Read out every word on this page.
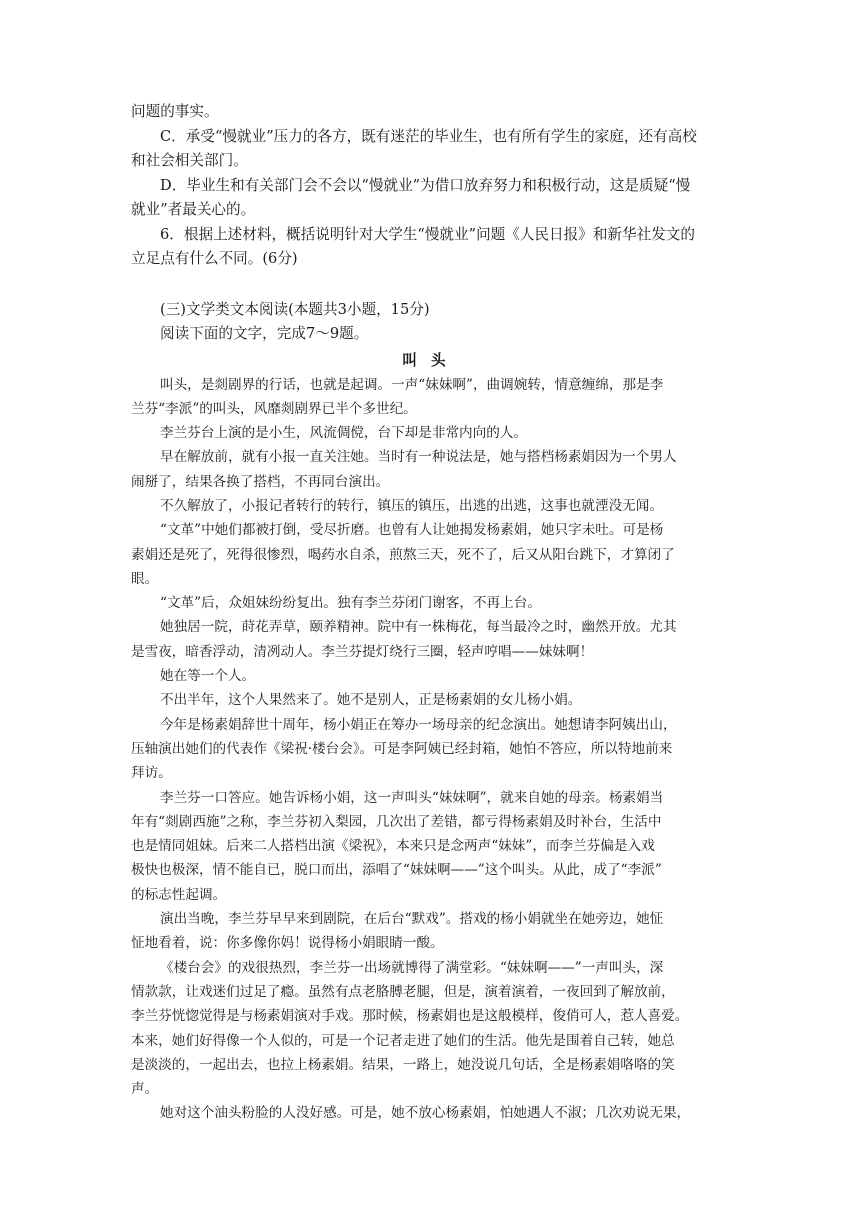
问题的事实。

C．承受“慢就业”压力的各方，既有迷茫的毕业生，也有所有学生的家庭，还有高校

和社会相关部门。

D．毕业生和有关部门会不会以“慢就业”为借口放弃努力和积极行动，这是质疑“慢

就业”者最关心的。

6．根据上述材料，概括说明针对大学生“慢就业”问题《人民日报》和新华社发文的

立足点有什么不同。(6分)

(三)文学类文本阅读(本题共3小题，15分)

阅读下面的文字，完成7～9题。

叫头

叫头，是剡剧界的行话，也就是起调。一声“妹妹啊”，曲调婉转，情意缠绵，那是李

兰芬“李派”的叫头，风靡剡剧界已半个多世纪。

李兰芬台上演的是小生，风流倜傥，台下却是非常内向的人。

早在解放前，就有小报一直关注她。当时有一种说法是，她与搭档杨素娟因为一个男人

闹掰了，结果各换了搭档，不再同台演出。

不久解放了，小报记者转行的转行，镇压的镇压，出逃的出逃，这事也就湮没无闻。

“文革”中她们都被打倒，受尽折磨。也曾有人让她揭发杨素娟，她只字未吐。可是杨

素娟还是死了，死得很惨烈，喝药水自杀，煎熬三天，死不了，后又从阳台跳下，才算闭了

眼。

“文革”后，众姐妹纷纷复出。独有李兰芬闭门谢客，不再上台。

她独居一院，莳花弄草，颐养精神。院中有一株梅花，每当最冷之时，幽然开放。尤其

是雪夜，暗香浮动，清冽动人。李兰芬提灯绕行三圈，轻声哼唱——妹妹啊！

她在等一个人。

不出半年，这个人果然来了。她不是别人，正是杨素娟的女儿杨小娟。

今年是杨素娟辞世十周年，杨小娟正在筹办一场母亲的纪念演出。她想请李阿姨出山，

压轴演出她们的代表作《梁祝·楼台会》。可是李阿姨已经封箱，她怕不答应，所以特地前来

拜访。

李兰芬一口答应。她告诉杨小娟，这一声叫头“妹妹啊”，就来自她的母亲。杨素娟当

年有“剡剧西施”之称，李兰芬初入梨园，几次出了差错，都亏得杨素娟及时补台，生活中

也是情同姐妹。后来二人搭档出演《梁祝》，本来只是念两声“妹妹”，而李兰芬偏是入戏

极快也极深，情不能自已，脱口而出，添唱了“妹妹啊——”这个叫头。从此，成了“李派”

的标志性起调。

演出当晚，李兰芬早早来到剧院，在后台“默戏”。搭戏的杨小娟就坐在她旁边，她怔

怔地看着，说：你多像你妈！说得杨小娟眼睛一酸。

《楼台会》的戏很热烈，李兰芬一出场就博得了满堂彩。“妹妹啊——”一声叫头，深

情款款，让戏迷们过足了瘾。虽然有点老胳膊老腿，但是，演着演着，一夜回到了解放前，

李兰芬恍惚觉得是与杨素娟演对手戏。那时候，杨素娟也是这般模样，俊俏可人，惹人喜爱。

本来，她们好得像一个人似的，可是一个记者走进了她们的生活。他先是围着自己转，她总

是淡淡的，一起出去，也拉上杨素娟。结果，一路上，她没说几句话，全是杨素娟咯咯的笑

声。

她对这个油头粉脸的人没好感。可是，她不放心杨素娟，怕她遇人不淑；几次劝说无果，
